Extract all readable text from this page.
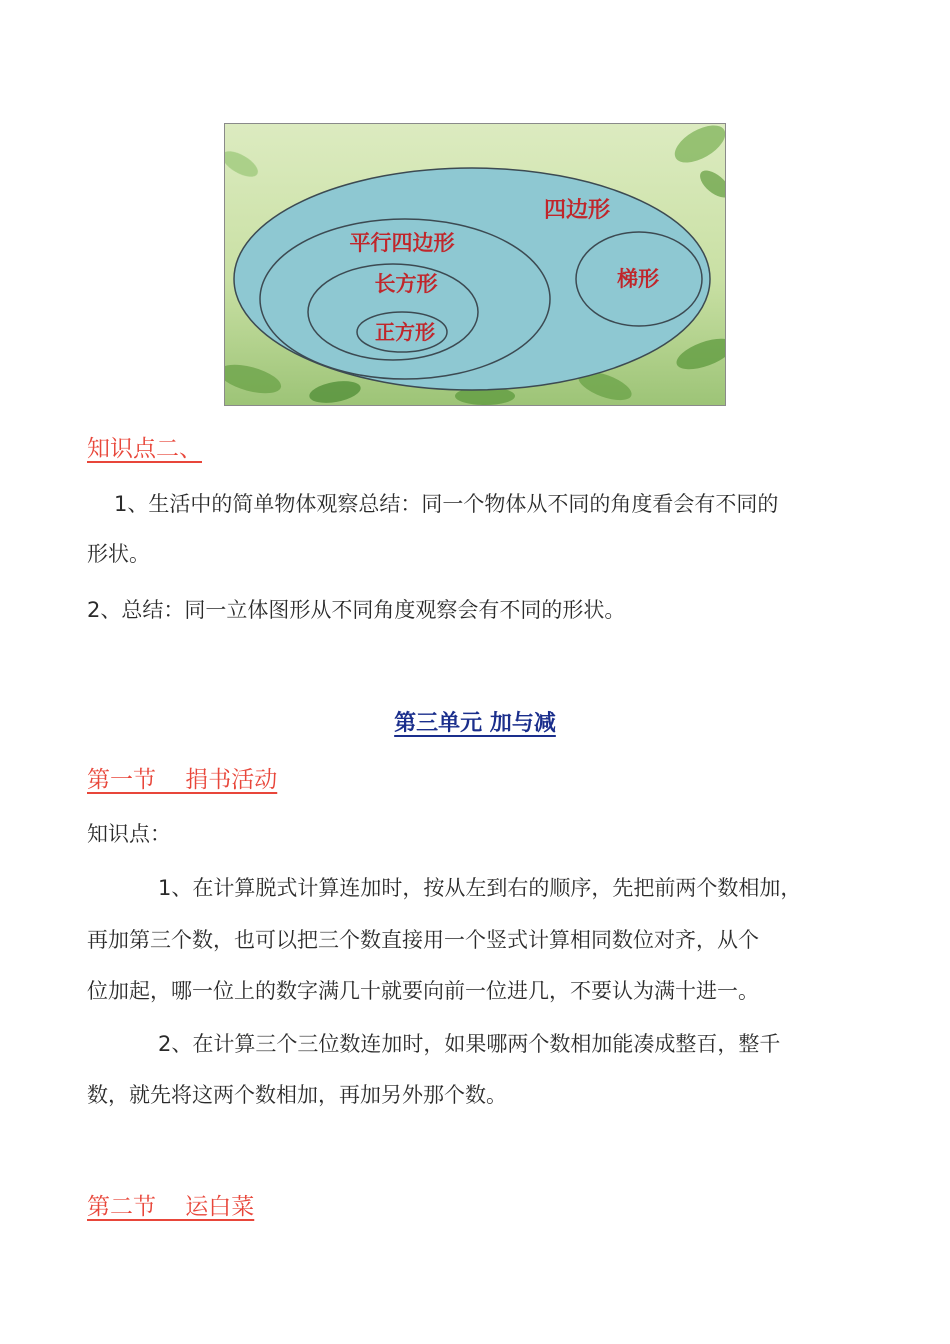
四边形
平行四边形
长方形
正方形
梯形
知识点二、
1、生活中的简单物体观察总结：同一个物体从不同的角度看会有不同的
形状。
2、总结：同一立体图形从不同角度观察会有不同的形状。
第三单元 加与减
第一节    捐书活动
知识点：
1、在计算脱式计算连加时，按从左到右的顺序，先把前两个数相加，
再加第三个数，也可以把三个数直接用一个竖式计算相同数位对齐，从个
位加起，哪一位上的数字满几十就要向前一位进几，不要认为满十进一。
2、在计算三个三位数连加时，如果哪两个数相加能凑成整百，整千
数，就先将这两个数相加，再加另外那个数。
第二节    运白菜
